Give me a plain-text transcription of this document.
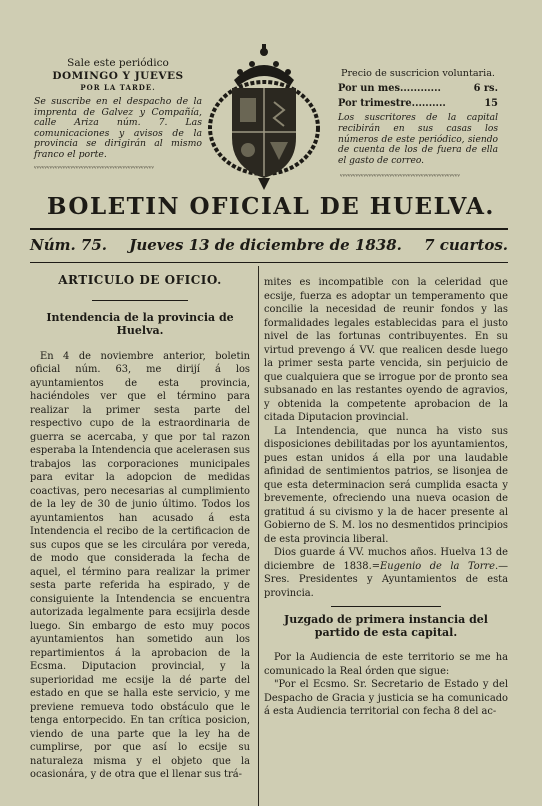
Sale este periódico
DOMINGO Y JUEVES
POR LA TARDE.
Se suscribe en el despacho de la imprenta de Galvez y Compañía, calle Ariza núm. 7. Las comunicaciones y avisos de la provincia se dirigirán al mismo franco el porte.
ᵛᵛᵛᵛᵛᵛᵛᵛᵛᵛᵛᵛᵛᵛᵛᵛᵛᵛᵛᵛᵛᵛᵛᵛᵛᵛᵛᵛᵛᵛᵛᵛᵛᵛᵛᵛᵛᵛᵛᵛᵛᵛᵛᵛᵛᵛ
Precio de suscricion voluntaria.
Por un mes............	6 rs.
Por trimestre..........	15
Los suscritores de la capital recibirán en sus casas los números de este periódico, siendo de cuenta de los de fuera de ella el gasto de correo.
ᵛᵛᵛᵛᵛᵛᵛᵛᵛᵛᵛᵛᵛᵛᵛᵛᵛᵛᵛᵛᵛᵛᵛᵛᵛᵛᵛᵛᵛᵛᵛᵛᵛᵛᵛᵛᵛᵛᵛᵛᵛᵛᵛᵛᵛᵛ
BOLETIN OFICIAL DE HUELVA.
Núm. 75. Jueves 13 de diciembre de 1838. 7 cuartos.
ARTICULO DE OFICIO.
Intendencia de la provincia de Huelva.

En 4 de noviembre anterior, boletin oficial núm. 63, me dirijí á los ayuntamientos de esta provincia, haciéndoles ver que el término para realizar la primer sesta parte del respectivo cupo de la estraordinaria de guerra se acercaba, y que por tal razon esperaba la Intendencia que acelerasen sus trabajos las corporaciones municipales para evitar la adopcion de medidas coactivas, pero necesarias al cumplimiento de la ley de 30 de junio último. Todos los ayuntamientos han acusado á esta Intendencia el recibo de la certificacion de sus cupos que se les circulára por vereda, de modo que considerada la fecha de aquel, el término para realizar la primer sesta parte referida ha espirado, y de consiguiente la Intendencia se encuentra autorizada legalmente para ecsijirla desde luego. Sin embargo de esto muy pocos ayuntamientos han sometido aun los repartimientos á la aprobacion de la Ecsma. Diputacion provincial, y la superioridad me ecsije la dé parte del estado en que se halla este servicio, y me previene remueva todo obstáculo que le tenga entorpecido. En tan crítica posicion, viendo de una parte que la ley ha de cumplirse, por que así lo ecsije su naturaleza misma y el objeto que la ocasionára, y de otra que el llenar sus trá-

mites es incompatible con la celeridad que ecsije, fuerza es adoptar un temperamento que concilie la necesidad de reunir fondos y las formalidades legales establecidas para el justo nivel de las fortunas contribuyentes. En su virtud prevengo á VV. que realicen desde luego la primer sesta parte vencida, sin perjuicio de que cualquiera que se irrogue por de pronto sea subsanado en las restantes oyendo de agravios, y obtenida la competente aprobacion de la citada Diputacion provincial.

La Intendencia, que nunca ha visto sus disposiciones debilitadas por los ayuntamientos, pues estan unidos á ella por una laudable afinidad de sentimientos patrios, se lisonjea de que esta determinacion será cumplida esacta y brevemente, ofreciendo una nueva ocasion de gratitud á su civismo y la de hacer presente al Gobierno de S. M. los no desmentidos principios de esta provincia liberal.

Dios guarde á VV. muchos años. Huelva 13 de diciembre de 1838.=Eugenio de la Torre.— Sres. Presidentes y Ayuntamientos de esta provincia.

Juzgado de primera instancia del partido de esta capital.

Por la Audiencia de este territorio se me ha comunicado la Real órden que sigue:

"Por el Ecsmo. Sr. Secretario de Estado y del Despacho de Gracia y justicia se ha comunicado á esta Audiencia territorial con fecha 8 del ac-
